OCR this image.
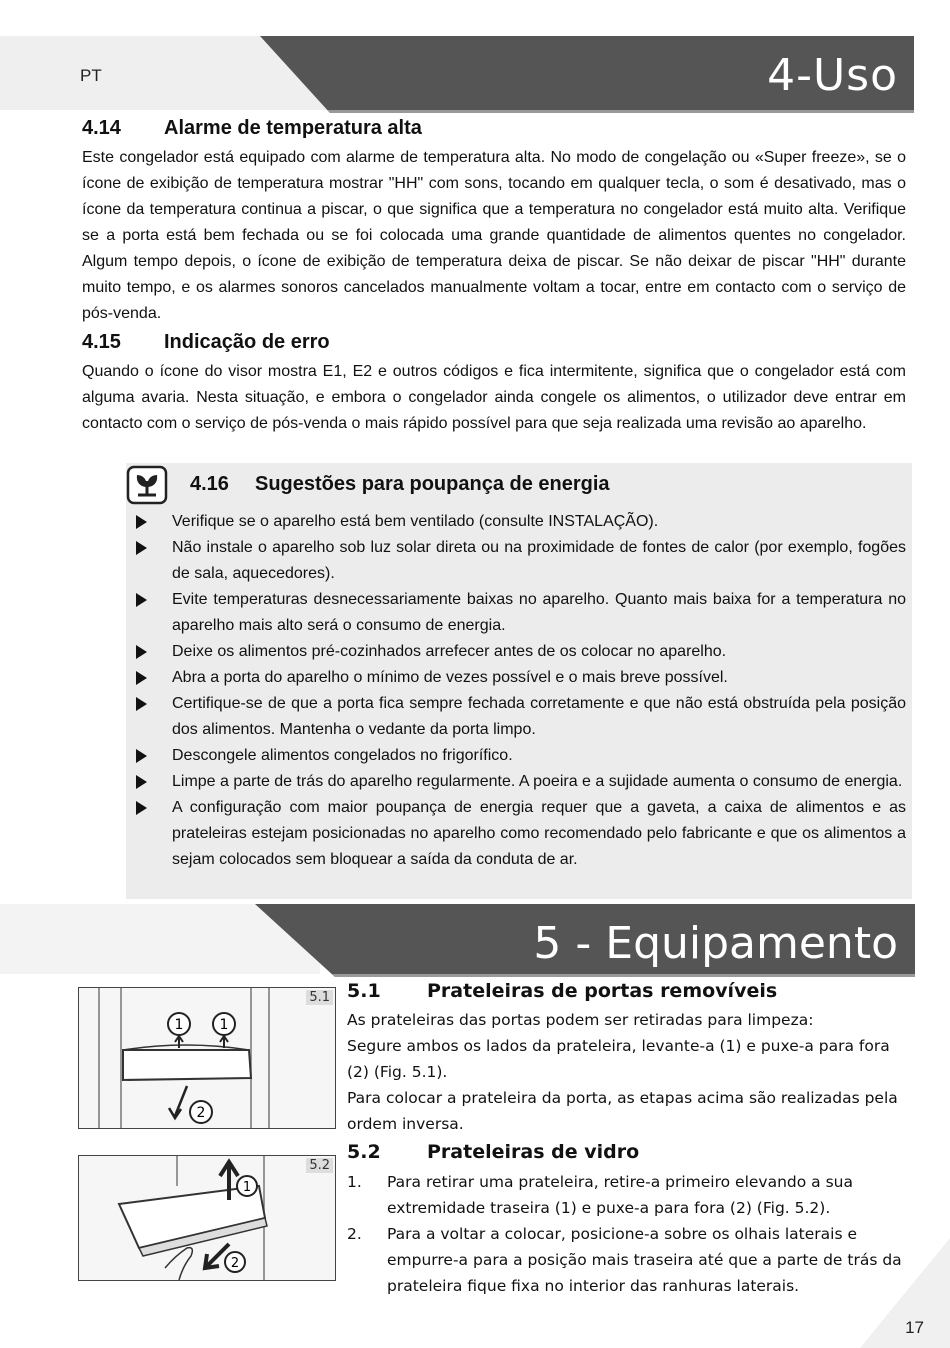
PT	4-Uso
4.14 Alarme de temperatura alta
Este congelador está equipado com alarme de temperatura alta. No modo de congelação ou «Super freeze», se o ícone de exibição de temperatura mostrar "HH" com sons, tocando em qualquer tecla, o som é desativado, mas o ícone da temperatura continua a piscar, o que significa que a temperatura no congelador está muito alta. Verifique se a porta está bem fechada ou se foi colocada uma grande quantidade de alimentos quentes no congelador. Algum tempo depois, o ícone de exibição de temperatura deixa de piscar. Se não deixar de piscar "HH" durante muito tempo, e os alarmes sonoros cancelados manualmente voltam a tocar, entre em contacto com o serviço de pós-venda.
4.15 Indicação de erro
Quando o ícone do visor mostra E1, E2 e outros códigos e fica intermitente, significa que o congelador está com alguma avaria. Nesta situação, e embora o congelador ainda congele os alimentos, o utilizador deve entrar em contacto com o serviço de pós-venda o mais rápido possível para que seja realizada uma revisão ao aparelho.
4.16 Sugestões para poupança de energia
Verifique se o aparelho está bem ventilado (consulte INSTALAÇÃO).
Não instale o aparelho sob luz solar direta ou na proximidade de fontes de calor (por exemplo, fogões de sala, aquecedores).
Evite temperaturas desnecessariamente baixas no aparelho. Quanto mais baixa for a temperatura no aparelho mais alto será o consumo de energia.
Deixe os alimentos pré-cozinhados arrefecer antes de os colocar no aparelho.
Abra a porta do aparelho o mínimo de vezes possível e o mais breve possível.
Certifique-se de que a porta fica sempre fechada corretamente e que não está obstruída pela posição dos alimentos. Mantenha o vedante da porta limpo.
Descongele alimentos congelados no frigorífico.
Limpe a parte de trás do aparelho regularmente. A poeira e a sujidade aumenta o consumo de energia.
A configuração com maior poupança de energia requer que a gaveta, a caixa de alimentos e as prateleiras estejam posicionadas no aparelho como recomendado pelo fabricante e que os alimentos a sejam colocados sem bloquear a saída da conduta de ar.
5 - Equipamento
1	1
2
5.1
1
2
5.2
5.1 Prateleiras de portas removíveis
As prateleiras das portas podem ser retiradas para limpeza:
Segure ambos os lados da prateleira, levante-a (1) e puxe-a para fora (2) (Fig. 5.1).
Para colocar a prateleira da porta, as etapas acima são realizadas pela ordem inversa.
5.2 Prateleiras de vidro
1. Para retirar uma prateleira, retire-a primeiro elevando a sua extremidade traseira (1) e puxe-a para fora (2) (Fig. 5.2).
2. Para a voltar a colocar, posicione-a sobre os olhais laterais e empurre-a para a posição mais traseira até que a parte de trás da prateleira fique fixa no interior das ranhuras laterais.
17
